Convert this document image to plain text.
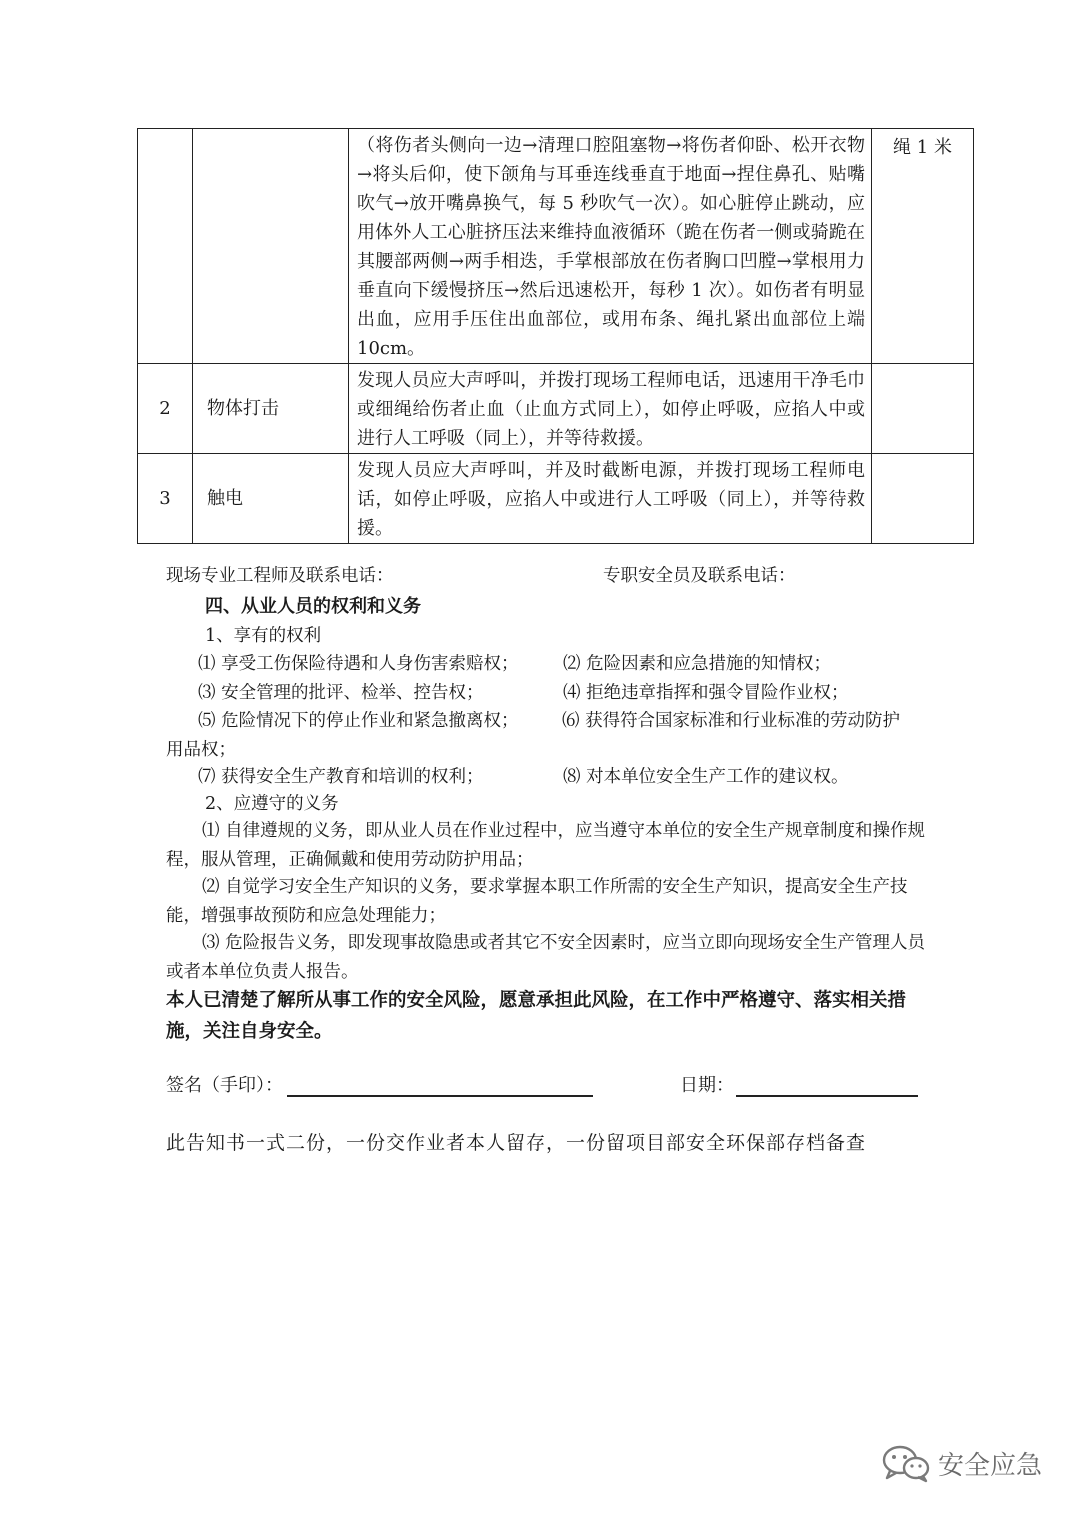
		（将伤者头侧向一边→清理口腔阻塞物→将伤者仰卧、松开衣物→将头后仰，使下颌角与耳垂连线垂直于地面→捏住鼻孔、贴嘴吹气→放开嘴鼻换气，每 5 秒吹气一次）。如心脏停止跳动，应用体外人工心脏挤压法来维持血液循环（跪在伤者一侧或骑跪在其腰部两侧→两手相迭，手掌根部放在伤者胸口凹膛→掌根用力垂直向下缓慢挤压→然后迅速松开，每秒 1 次）。如伤者有明显出血，应用手压住出血部位，或用布条、绳扎紧出血部位上端 10cm。	绳 1 米
2	物体打击	发现人员应大声呼叫，并拨打现场工程师电话，迅速用干净毛巾或细绳给伤者止血（止血方式同上），如停止呼吸，应掐人中或进行人工呼吸（同上），并等待救援。	
3	触电	发现人员应大声呼叫，并及时截断电源，并拨打现场工程师电话，如停止呼吸，应掐人中或进行人工呼吸（同上），并等待救援。	
现场专业工程师及联系电话：	专职安全员及联系电话：
四、从业人员的权利和义务
1、享有的权利
⑴ 享受工伤保险待遇和人身伤害索赔权；	⑵ 危险因素和应急措施的知情权；
⑶ 安全管理的批评、检举、控告权；	⑷ 拒绝违章指挥和强令冒险作业权；
⑸ 危险情况下的停止作业和紧急撤离权；	⑹ 获得符合国家标准和行业标准的劳动防护用品权；
⑺ 获得安全生产教育和培训的权利；	⑻ 对本单位安全生产工作的建议权。
2、应遵守的义务
⑴ 自律遵规的义务，即从业人员在作业过程中，应当遵守本单位的安全生产规章制度和操作规程，服从管理，正确佩戴和使用劳动防护用品；
⑵ 自觉学习安全生产知识的义务，要求掌握本职工作所需的安全生产知识，提高安全生产技能，增强事故预防和应急处理能力；
⑶ 危险报告义务，即发现事故隐患或者其它不安全因素时，应当立即向现场安全生产管理人员或者本单位负责人报告。
本人已清楚了解所从事工作的安全风险，愿意承担此风险，在工作中严格遵守、落实相关措施，关注自身安全。
签名（手印）：	日期：
此告知书一式二份，一份交作业者本人留存，一份留项目部安全环保部存档备查
安全应急
